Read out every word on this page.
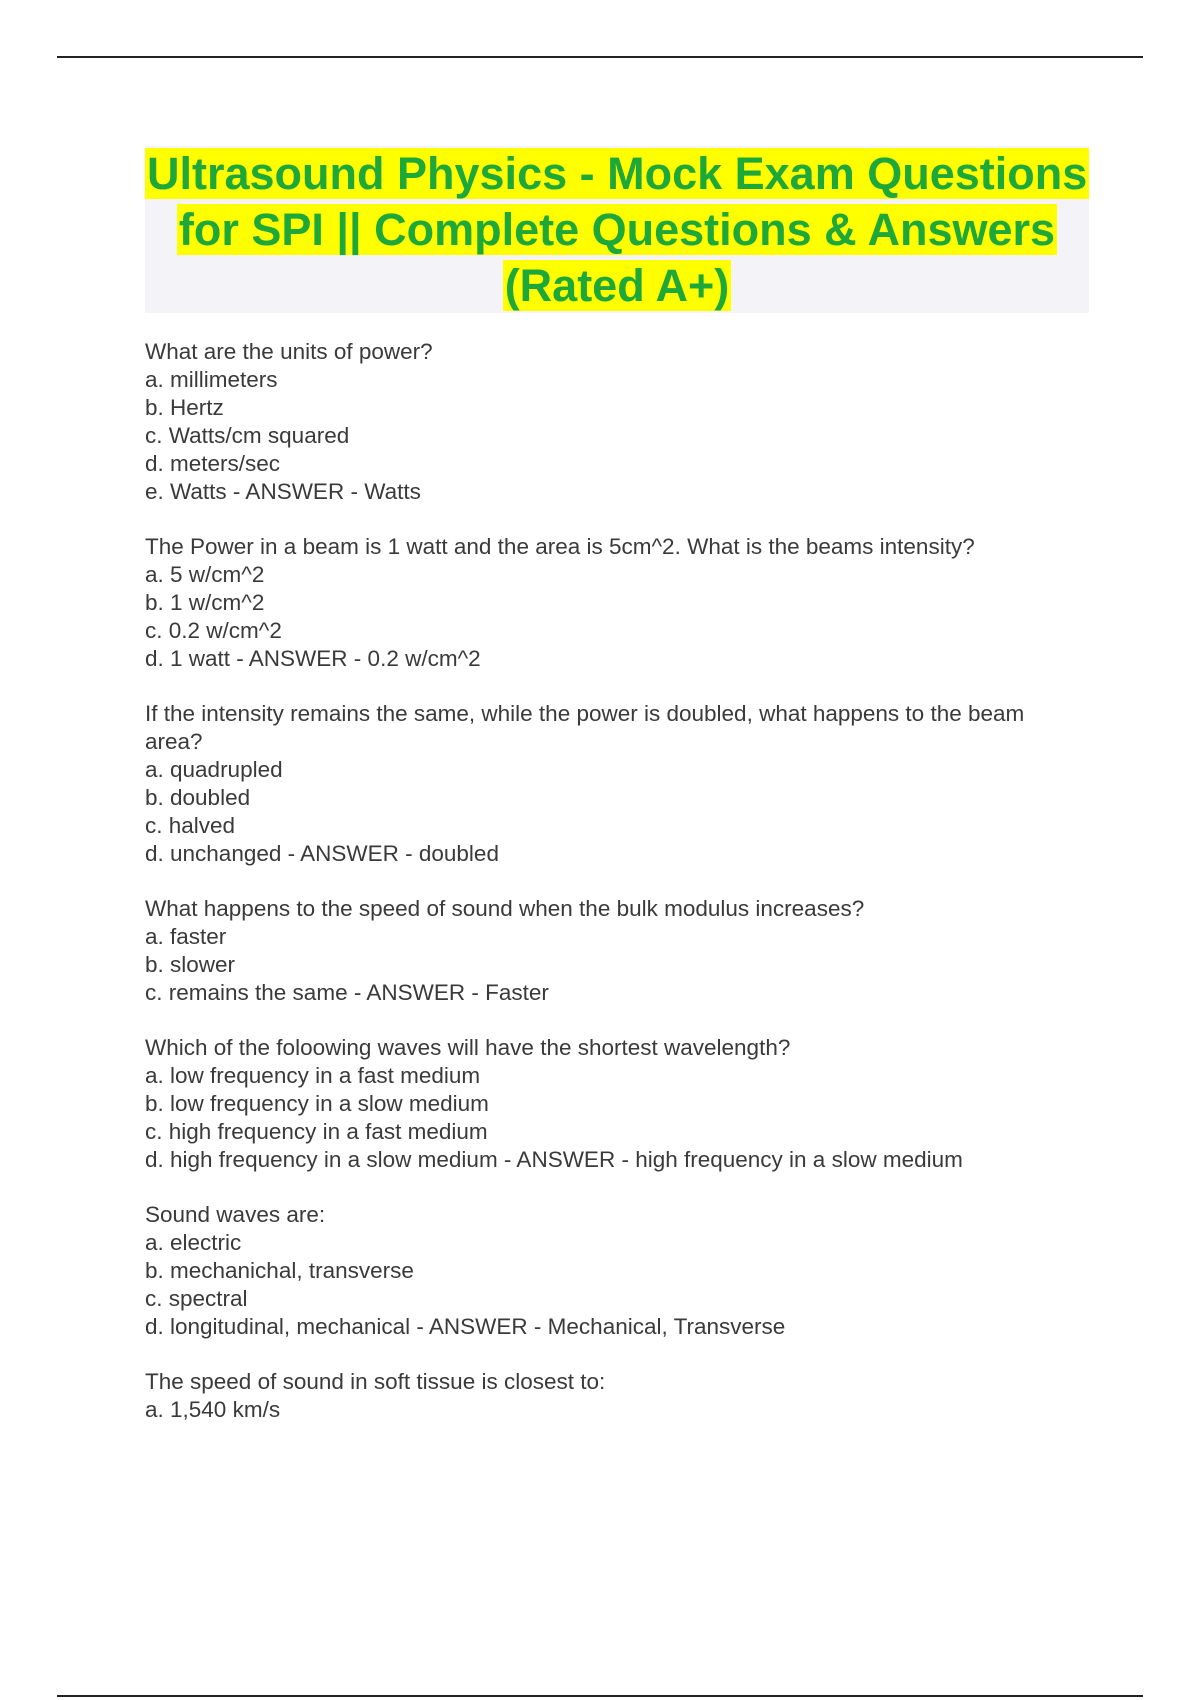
Ultrasound Physics - Mock Exam Questions for SPI || Complete Questions & Answers (Rated A+)
What are the units of power?
a. millimeters
b. Hertz
c. Watts/cm squared
d. meters/sec
e. Watts - ANSWER - Watts
The Power in a beam is 1 watt and the area is 5cm^2. What is the beams intensity?
a. 5 w/cm^2
b. 1 w/cm^2
c. 0.2 w/cm^2
d. 1 watt - ANSWER - 0.2 w/cm^2
If the intensity remains the same, while the power is doubled, what happens to the beam area?
a. quadrupled
b. doubled
c. halved
d. unchanged - ANSWER - doubled
What happens to the speed of sound when the bulk modulus increases?
a. faster
b. slower
c. remains the same - ANSWER - Faster
Which of the foloowing waves will have the shortest wavelength?
a. low frequency in a fast medium
b. low frequency in a slow medium
c. high frequency in a fast medium
d. high frequency in a slow medium - ANSWER - high frequency in a slow medium
Sound waves are:
a. electric
b. mechanichal, transverse
c. spectral
d. longitudinal, mechanical - ANSWER - Mechanical, Transverse
The speed of sound in soft tissue is closest to:
a. 1,540 km/s
